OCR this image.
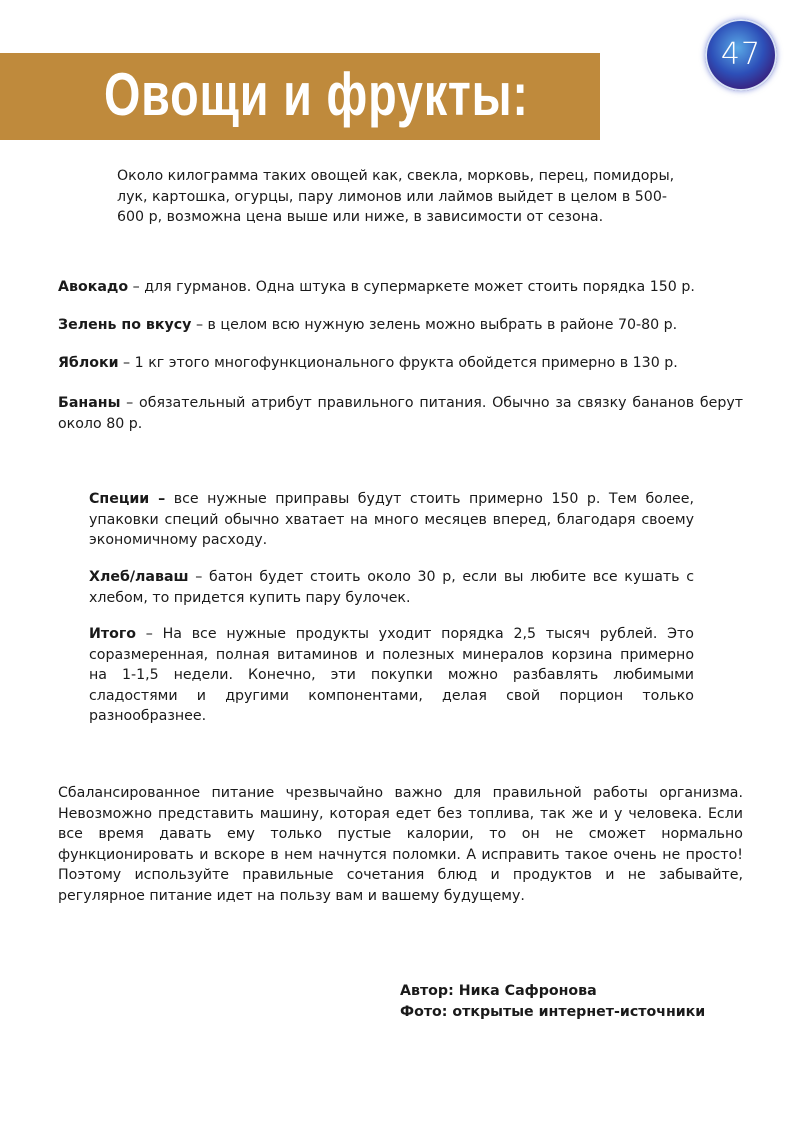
Овощи и фрукты:
47

Около килограмма таких овощей как, свекла, морковь, перец, помидоры, лук, картошка, огурцы, пару лимонов или лаймов выйдет в целом в 500-600 р, возможна цена выше или ниже, в зависимости от сезона.

Авокадо – для гурманов. Одна штука в супермаркете может стоить порядка 150 р.

Зелень по вкусу – в целом всю нужную зелень можно выбрать в районе 70-80 р.

Яблоки – 1 кг этого многофункционального фрукта обойдется примерно в 130 р.

Бананы – обязательный атрибут правильного питания. Обычно за связку бананов берут около 80 р.

Специи – все нужные приправы будут стоить примерно 150 р. Тем более, упаковки специй обычно хватает на много месяцев вперед, благодаря своему экономичному расходу.

Хлеб/лаваш – батон будет стоить около 30 р, если вы любите все кушать с хлебом, то придется купить пару булочек.

Итого – На все нужные продукты уходит порядка 2,5 тысяч рублей. Это соразмеренная, полная витаминов и полезных минералов корзина примерно на 1-1,5 недели. Конечно, эти покупки можно разбавлять любимыми сладостями и другими компонентами, делая свой порцион только разнообразнее.

Сбалансированное питание чрезвычайно важно для правильной работы организма. Невозможно представить машину, которая едет без топлива, так же и у человека. Если все время давать ему только пустые калории, то он не сможет нормально функционировать и вскоре в нем начнутся поломки. А исправить такое очень не просто! Поэтому используйте правильные сочетания блюд и продуктов и не забывайте, регулярное питание идет на пользу вам и вашему будущему.

Автор: Ника Сафронова
Фото: открытые интернет-источники
